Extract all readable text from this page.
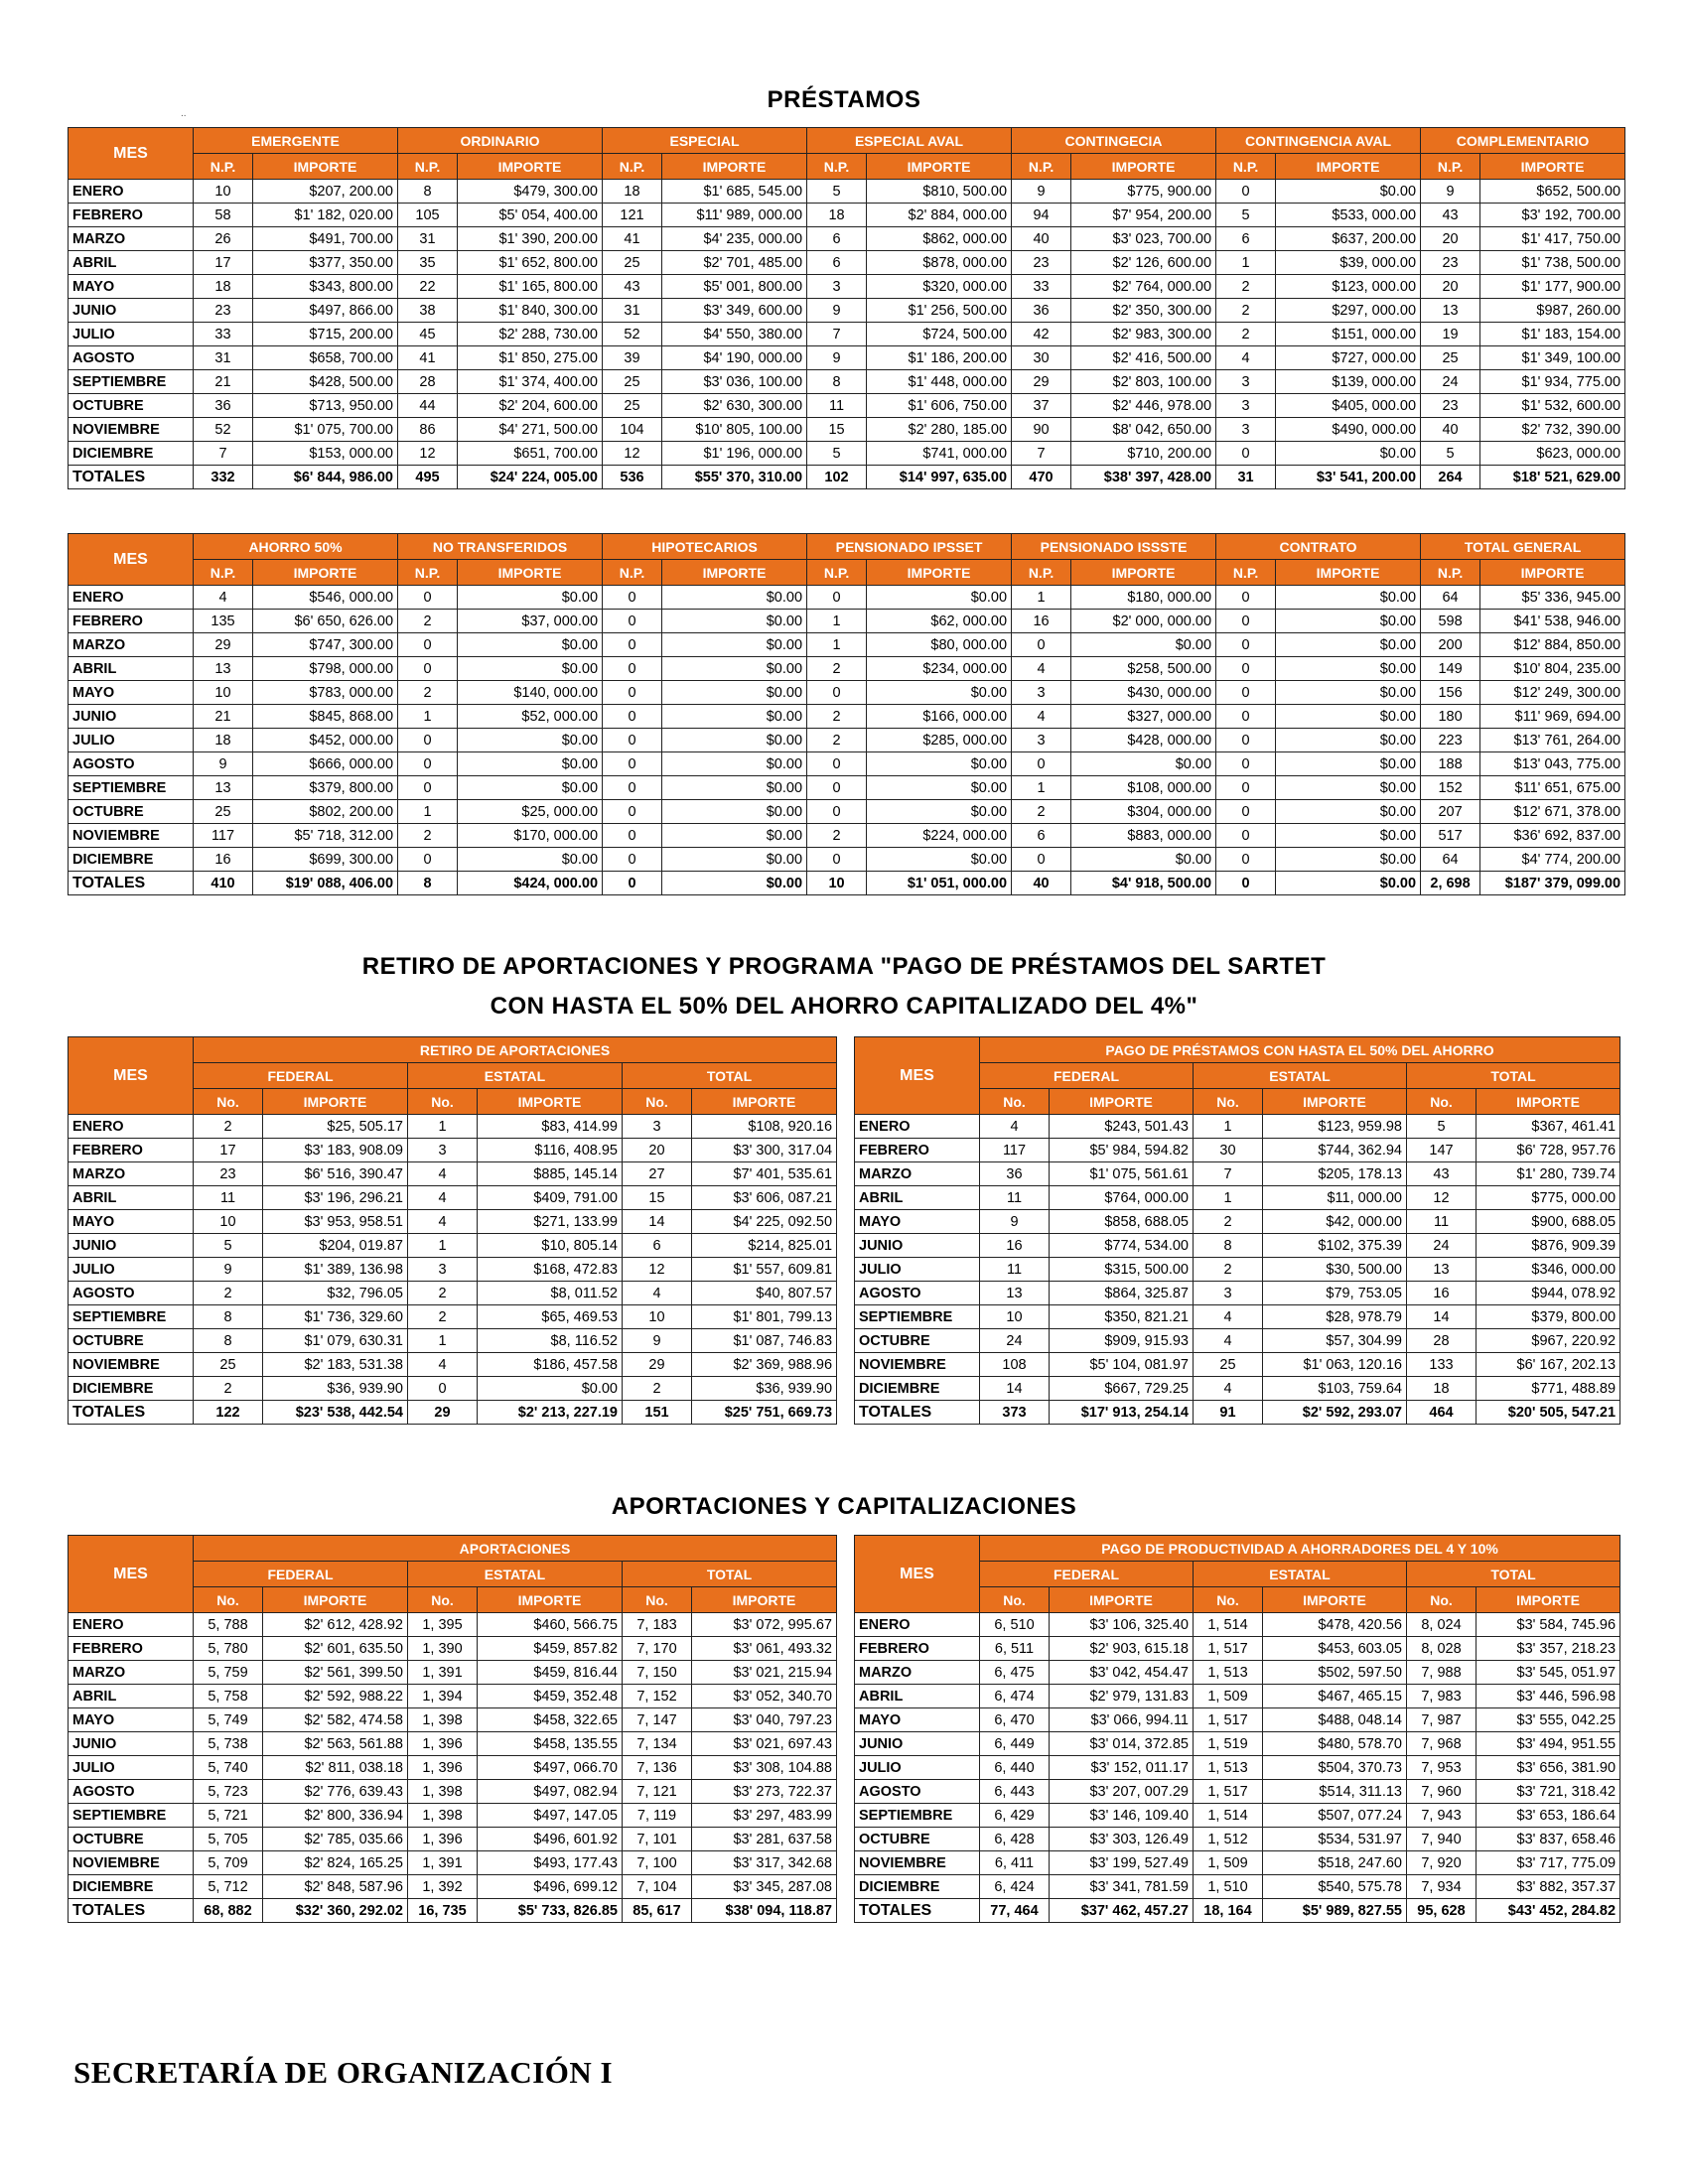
PRÉSTAMOS
..
MES	EMERGENTE		ORDINARIO		ESPECIAL		ESPECIAL AVAL		CONTINGECIA		CONTINGENCIA AVAL		COMPLEMENTARIO	
	N.P.	IMPORTE	N.P.	IMPORTE	N.P.	IMPORTE	N.P.	IMPORTE	N.P.	IMPORTE	N.P.	IMPORTE	N.P.	IMPORTE
ENERO	10	$207, 200.00	8	$479, 300.00	18	$1' 685, 545.00	5	$810, 500.00	9	$775, 900.00	0	$0.00	9	$652, 500.00
FEBRERO	58	$1' 182, 020.00	105	$5' 054, 400.00	121	$11' 989, 000.00	18	$2' 884, 000.00	94	$7' 954, 200.00	5	$533, 000.00	43	$3' 192, 700.00
MARZO	26	$491, 700.00	31	$1' 390, 200.00	41	$4' 235, 000.00	6	$862, 000.00	40	$3' 023, 700.00	6	$637, 200.00	20	$1' 417, 750.00
ABRIL	17	$377, 350.00	35	$1' 652, 800.00	25	$2' 701, 485.00	6	$878, 000.00	23	$2' 126, 600.00	1	$39, 000.00	23	$1' 738, 500.00
MAYO	18	$343, 800.00	22	$1' 165, 800.00	43	$5' 001, 800.00	3	$320, 000.00	33	$2' 764, 000.00	2	$123, 000.00	20	$1' 177, 900.00
JUNIO	23	$497, 866.00	38	$1' 840, 300.00	31	$3' 349, 600.00	9	$1' 256, 500.00	36	$2' 350, 300.00	2	$297, 000.00	13	$987, 260.00
JULIO	33	$715, 200.00	45	$2' 288, 730.00	52	$4' 550, 380.00	7	$724, 500.00	42	$2' 983, 300.00	2	$151, 000.00	19	$1' 183, 154.00
AGOSTO	31	$658, 700.00	41	$1' 850, 275.00	39	$4' 190, 000.00	9	$1' 186, 200.00	30	$2' 416, 500.00	4	$727, 000.00	25	$1' 349, 100.00
SEPTIEMBRE	21	$428, 500.00	28	$1' 374, 400.00	25	$3' 036, 100.00	8	$1' 448, 000.00	29	$2' 803, 100.00	3	$139, 000.00	24	$1' 934, 775.00
OCTUBRE	36	$713, 950.00	44	$2' 204, 600.00	25	$2' 630, 300.00	11	$1' 606, 750.00	37	$2' 446, 978.00	3	$405, 000.00	23	$1' 532, 600.00
NOVIEMBRE	52	$1' 075, 700.00	86	$4' 271, 500.00	104	$10' 805, 100.00	15	$2' 280, 185.00	90	$8' 042, 650.00	3	$490, 000.00	40	$2' 732, 390.00
DICIEMBRE	7	$153, 000.00	12	$651, 700.00	12	$1' 196, 000.00	5	$741, 000.00	7	$710, 200.00	0	$0.00	5	$623, 000.00
TOTALES	332	$6' 844, 986.00	495	$24' 224, 005.00	536	$55' 370, 310.00	102	$14' 997, 635.00	470	$38' 397, 428.00	31	$3' 541, 200.00	264	$18' 521, 629.00
MES	AHORRO 50%		NO TRANSFERIDOS		HIPOTECARIOS		PENSIONADO IPSSET		PENSIONADO ISSSTE		CONTRATO		TOTAL GENERAL	
	N.P.	IMPORTE	N.P.	IMPORTE	N.P.	IMPORTE	N.P.	IMPORTE	N.P.	IMPORTE	N.P.	IMPORTE	N.P.	IMPORTE
ENERO	4	$546, 000.00	0	$0.00	0	$0.00	0	$0.00	1	$180, 000.00	0	$0.00	64	$5' 336, 945.00
FEBRERO	135	$6' 650, 626.00	2	$37, 000.00	0	$0.00	1	$62, 000.00	16	$2' 000, 000.00	0	$0.00	598	$41' 538, 946.00
MARZO	29	$747, 300.00	0	$0.00	0	$0.00	1	$80, 000.00	0	$0.00	0	$0.00	200	$12' 884, 850.00
ABRIL	13	$798, 000.00	0	$0.00	0	$0.00	2	$234, 000.00	4	$258, 500.00	0	$0.00	149	$10' 804, 235.00
MAYO	10	$783, 000.00	2	$140, 000.00	0	$0.00	0	$0.00	3	$430, 000.00	0	$0.00	156	$12' 249, 300.00
JUNIO	21	$845, 868.00	1	$52, 000.00	0	$0.00	2	$166, 000.00	4	$327, 000.00	0	$0.00	180	$11' 969, 694.00
JULIO	18	$452, 000.00	0	$0.00	0	$0.00	2	$285, 000.00	3	$428, 000.00	0	$0.00	223	$13' 761, 264.00
AGOSTO	9	$666, 000.00	0	$0.00	0	$0.00	0	$0.00	0	$0.00	0	$0.00	188	$13' 043, 775.00
SEPTIEMBRE	13	$379, 800.00	0	$0.00	0	$0.00	0	$0.00	1	$108, 000.00	0	$0.00	152	$11' 651, 675.00
OCTUBRE	25	$802, 200.00	1	$25, 000.00	0	$0.00	0	$0.00	2	$304, 000.00	0	$0.00	207	$12' 671, 378.00
NOVIEMBRE	117	$5' 718, 312.00	2	$170, 000.00	0	$0.00	2	$224, 000.00	6	$883, 000.00	0	$0.00	517	$36' 692, 837.00
DICIEMBRE	16	$699, 300.00	0	$0.00	0	$0.00	0	$0.00	0	$0.00	0	$0.00	64	$4' 774, 200.00
TOTALES	410	$19' 088, 406.00	8	$424, 000.00	0	$0.00	10	$1' 051, 000.00	40	$4' 918, 500.00	0	$0.00	2, 698	$187' 379, 099.00
RETIRO DE APORTACIONES Y PROGRAMA "PAGO DE PRÉSTAMOS DEL SARTET
CON HASTA EL 50% DEL AHORRO CAPITALIZADO DEL 4%"
MES	RETIRO DE APORTACIONES					
	FEDERAL		ESTATAL		TOTAL	
	No.	IMPORTE	No.	IMPORTE	No.	IMPORTE
ENERO	2	$25, 505.17	1	$83, 414.99	3	$108, 920.16
FEBRERO	17	$3' 183, 908.09	3	$116, 408.95	20	$3' 300, 317.04
MARZO	23	$6' 516, 390.47	4	$885, 145.14	27	$7' 401, 535.61
ABRIL	11	$3' 196, 296.21	4	$409, 791.00	15	$3' 606, 087.21
MAYO	10	$3' 953, 958.51	4	$271, 133.99	14	$4' 225, 092.50
JUNIO	5	$204, 019.87	1	$10, 805.14	6	$214, 825.01
JULIO	9	$1' 389, 136.98	3	$168, 472.83	12	$1' 557, 609.81
AGOSTO	2	$32, 796.05	2	$8, 011.52	4	$40, 807.57
SEPTIEMBRE	8	$1' 736, 329.60	2	$65, 469.53	10	$1' 801, 799.13
OCTUBRE	8	$1' 079, 630.31	1	$8, 116.52	9	$1' 087, 746.83
NOVIEMBRE	25	$2' 183, 531.38	4	$186, 457.58	29	$2' 369, 988.96
DICIEMBRE	2	$36, 939.90	0	$0.00	2	$36, 939.90
TOTALES	122	$23' 538, 442.54	29	$2' 213, 227.19	151	$25' 751, 669.73
MES	PAGO DE PRÉSTAMOS CON HASTA EL 50% DEL AHORRO					
	FEDERAL		ESTATAL		TOTAL	
	No.	IMPORTE	No.	IMPORTE	No.	IMPORTE
ENERO	4	$243, 501.43	1	$123, 959.98	5	$367, 461.41
FEBRERO	117	$5' 984, 594.82	30	$744, 362.94	147	$6' 728, 957.76
MARZO	36	$1' 075, 561.61	7	$205, 178.13	43	$1' 280, 739.74
ABRIL	11	$764, 000.00	1	$11, 000.00	12	$775, 000.00
MAYO	9	$858, 688.05	2	$42, 000.00	11	$900, 688.05
JUNIO	16	$774, 534.00	8	$102, 375.39	24	$876, 909.39
JULIO	11	$315, 500.00	2	$30, 500.00	13	$346, 000.00
AGOSTO	13	$864, 325.87	3	$79, 753.05	16	$944, 078.92
SEPTIEMBRE	10	$350, 821.21	4	$28, 978.79	14	$379, 800.00
OCTUBRE	24	$909, 915.93	4	$57, 304.99	28	$967, 220.92
NOVIEMBRE	108	$5' 104, 081.97	25	$1' 063, 120.16	133	$6' 167, 202.13
DICIEMBRE	14	$667, 729.25	4	$103, 759.64	18	$771, 488.89
TOTALES	373	$17' 913, 254.14	91	$2' 592, 293.07	464	$20' 505, 547.21
APORTACIONES Y CAPITALIZACIONES
MES	APORTACIONES					
	FEDERAL		ESTATAL		TOTAL	
	No.	IMPORTE	No.	IMPORTE	No.	IMPORTE
ENERO	5, 788	$2' 612, 428.92	1, 395	$460, 566.75	7, 183	$3' 072, 995.67
FEBRERO	5, 780	$2' 601, 635.50	1, 390	$459, 857.82	7, 170	$3' 061, 493.32
MARZO	5, 759	$2' 561, 399.50	1, 391	$459, 816.44	7, 150	$3' 021, 215.94
ABRIL	5, 758	$2' 592, 988.22	1, 394	$459, 352.48	7, 152	$3' 052, 340.70
MAYO	5, 749	$2' 582, 474.58	1, 398	$458, 322.65	7, 147	$3' 040, 797.23
JUNIO	5, 738	$2' 563, 561.88	1, 396	$458, 135.55	7, 134	$3' 021, 697.43
JULIO	5, 740	$2' 811, 038.18	1, 396	$497, 066.70	7, 136	$3' 308, 104.88
AGOSTO	5, 723	$2' 776, 639.43	1, 398	$497, 082.94	7, 121	$3' 273, 722.37
SEPTIEMBRE	5, 721	$2' 800, 336.94	1, 398	$497, 147.05	7, 119	$3' 297, 483.99
OCTUBRE	5, 705	$2' 785, 035.66	1, 396	$496, 601.92	7, 101	$3' 281, 637.58
NOVIEMBRE	5, 709	$2' 824, 165.25	1, 391	$493, 177.43	7, 100	$3' 317, 342.68
DICIEMBRE	5, 712	$2' 848, 587.96	1, 392	$496, 699.12	7, 104	$3' 345, 287.08
TOTALES	68, 882	$32' 360, 292.02	16, 735	$5' 733, 826.85	85, 617	$38' 094, 118.87
MES	PAGO DE PRODUCTIVIDAD A AHORRADORES DEL 4 Y 10%					
	FEDERAL		ESTATAL		TOTAL	
	No.	IMPORTE	No.	IMPORTE	No.	IMPORTE
ENERO	6, 510	$3' 106, 325.40	1, 514	$478, 420.56	8, 024	$3' 584, 745.96
FEBRERO	6, 511	$2' 903, 615.18	1, 517	$453, 603.05	8, 028	$3' 357, 218.23
MARZO	6, 475	$3' 042, 454.47	1, 513	$502, 597.50	7, 988	$3' 545, 051.97
ABRIL	6, 474	$2' 979, 131.83	1, 509	$467, 465.15	7, 983	$3' 446, 596.98
MAYO	6, 470	$3' 066, 994.11	1, 517	$488, 048.14	7, 987	$3' 555, 042.25
JUNIO	6, 449	$3' 014, 372.85	1, 519	$480, 578.70	7, 968	$3' 494, 951.55
JULIO	6, 440	$3' 152, 011.17	1, 513	$504, 370.73	7, 953	$3' 656, 381.90
AGOSTO	6, 443	$3' 207, 007.29	1, 517	$514, 311.13	7, 960	$3' 721, 318.42
SEPTIEMBRE	6, 429	$3' 146, 109.40	1, 514	$507, 077.24	7, 943	$3' 653, 186.64
OCTUBRE	6, 428	$3' 303, 126.49	1, 512	$534, 531.97	7, 940	$3' 837, 658.46
NOVIEMBRE	6, 411	$3' 199, 527.49	1, 509	$518, 247.60	7, 920	$3' 717, 775.09
DICIEMBRE	6, 424	$3' 341, 781.59	1, 510	$540, 575.78	7, 934	$3' 882, 357.37
TOTALES	77, 464	$37' 462, 457.27	18, 164	$5' 989, 827.55	95, 628	$43' 452, 284.82
SECRETARÍA DE ORGANIZACIÓN I
